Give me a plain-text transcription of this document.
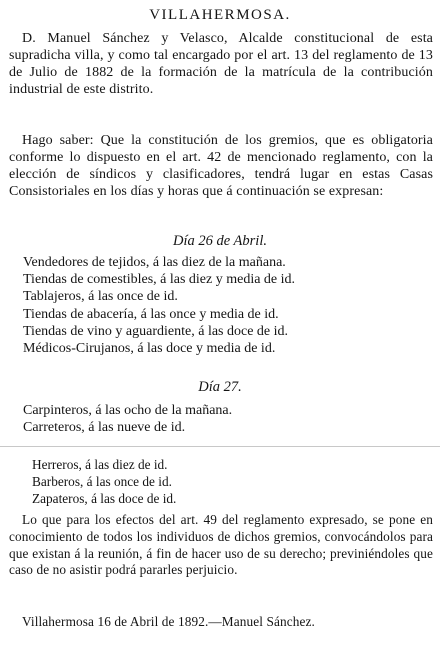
VILLAHERMOSA.
D. Manuel Sánchez y Velasco, Alcalde constitucional de esta supradicha villa, y como tal encargado por el art. 13 del reglamento de 13 de Julio de 1882 de la formación de la matrícula de la contribución industrial de este distrito.
Hago saber: Que la constitución de los gremios, que es obligatoria conforme lo dispuesto en el art. 42 de mencionado reglamento, con la elección de síndicos y clasificadores, tendrá lugar en estas Casas Consistoriales en los días y horas que á continuación se expresan:
Día 26 de Abril.
Vendedores de tejidos, á las diez de la mañana.
Tiendas de comestibles, á las diez y media de id.
Tablajeros, á las once de id.
Tiendas de abacería, á las once y media de id.
Tiendas de vino y aguardiente, á las doce de id.
Médicos-Cirujanos, á las doce y media de id.
Día 27.
Carpinteros, á las ocho de la mañana.
Carreteros, á las nueve de id.
Herreros, á las diez de id.
Barberos, á las once de id.
Zapateros, á las doce de id.
Lo que para los efectos del art. 49 del reglamento expresado, se pone en conocimiento de todos los individuos de dichos gremios, convocándolos para que existan á la reunión, á fin de hacer uso de su derecho; previniéndoles que caso de no asistir podrá pararles perjuicio.
Villahermosa 16 de Abril de 1892.—Manuel Sánchez.
